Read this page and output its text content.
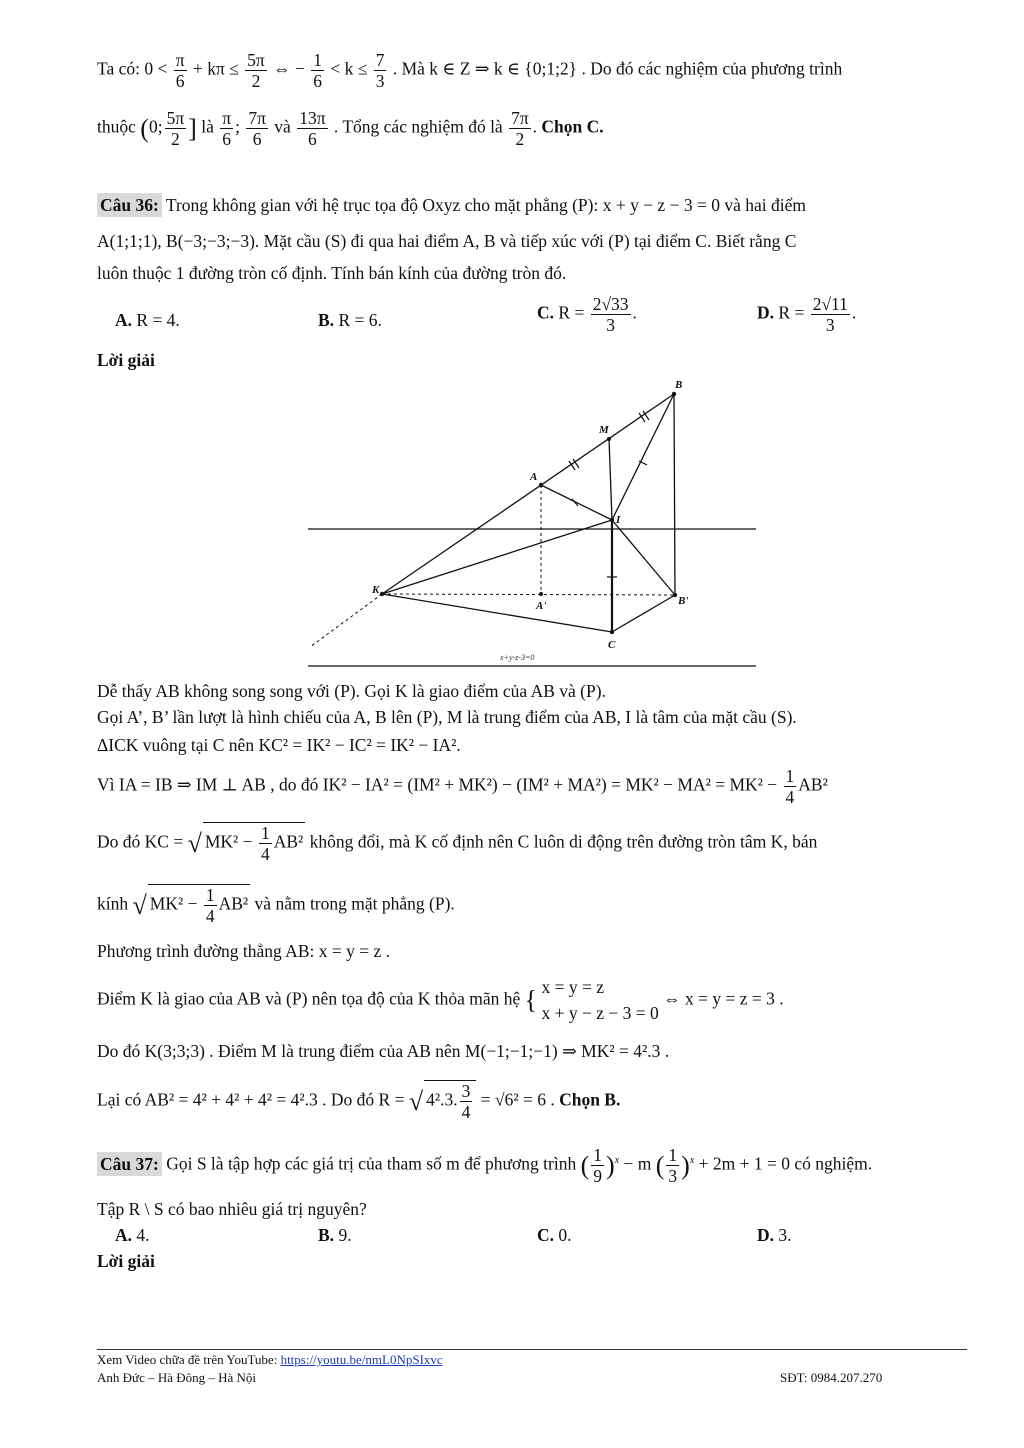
Ta có: $0 < \frac{\pi}{6} + k\pi \le \frac{5\pi}{2}$ ⇔ − $\frac{1}{6} < k \le \frac{7}{3}$ . Mà k ∈ Z ⇒ k ∈ {0;1;2} . Do đó các nghiệm của phương trình
thuộc (0; $\frac{5\pi}{2}$ ] là $\frac{\pi}{6}$ ; $\frac{7\pi}{6}$ và $\frac{13\pi}{6}$ . Tổng các nghiệm đó là $\frac{7\pi}{2}$ . Chọn C.
Câu 36: Trong không gian với hệ trục tọa độ Oxyz cho mặt phẳng (P): x + y − z − 3 = 0 và hai điểm
A(1;1;1), B(−3;−3;−3). Mặt cầu (S) đi qua hai điểm A, B và tiếp xúc với (P) tại điểm C. Biết rằng C
luôn thuộc 1 đường tròn cố định. Tính bán kính của đường tròn đó.
A. R = 4.	B. R = 6.	C. $R = \frac{2√33}{3}$ .	D. $R = \frac{2√11}{3}$ .
Lời giải
B
M
A
I
K
A'	B'
C
x+y-z-3=0
Dễ thấy AB không song song với (P). Gọi K là giao điểm của AB và (P).
Gọi A’, B’ lần lượt là hình chiếu của A, B lên (P), M là trung điểm của AB, I là tâm của mặt cầu (S).
ΔICK vuông tại C nên KC² = IK² − IC² = IK² − IA².
Vì IA = IB ⇒ IM ⊥ AB , do đó $IK^2 - IA^2 = (IM^2 + MK^2) - (IM^2 + MA^2) = MK^2 - MA^2 = MK^2 - \frac{1}{4} AB^2$
Do đó KC = √ $MK^2 - \frac{1}{4} AB^2$ không đổi, mà K cố định nên C luôn di động trên đường tròn tâm K, bán
kính √ $MK^2 - \frac{1}{4} AB^2$ và nằm trong mặt phẳng (P).
Phương trình đường thẳng AB: x = y = z .
Điểm K là giao của AB và (P) nên tọa độ của K thỏa mãn hệ { x = y = z
x + y − z − 3 = 0
⇔ x = y = z = 3 .
Do đó K(3;3;3) . Điểm M là trung điểm của AB nên M(−1;−1;−1) ⇒ MK² = 4².3 .
Lại có AB² = 4² + 4² + 4² = 4².3 . Do đó R = √ 4².3. $\frac{3}{4} = √6^2 = 6$ . Chọn B.
Câu 37: Gọi S là tập hợp các giá trị của tham số m để phương trình ( $\frac{1}{9} )^x - m$ ( $\frac{1}{3} )^x + 2m + 1 = 0$ có nghiệm.
Tập R \ S có bao nhiêu giá trị nguyên?
A. 4.	B. 9.	C. 0.	D. 3.
Lời giải
Xem Video chữa đề trên YouTube: https://youtu.be/nmL0NpSIxvc
Anh Đức – Hà Đông – Hà Nội	SĐT: 0984.207.270
